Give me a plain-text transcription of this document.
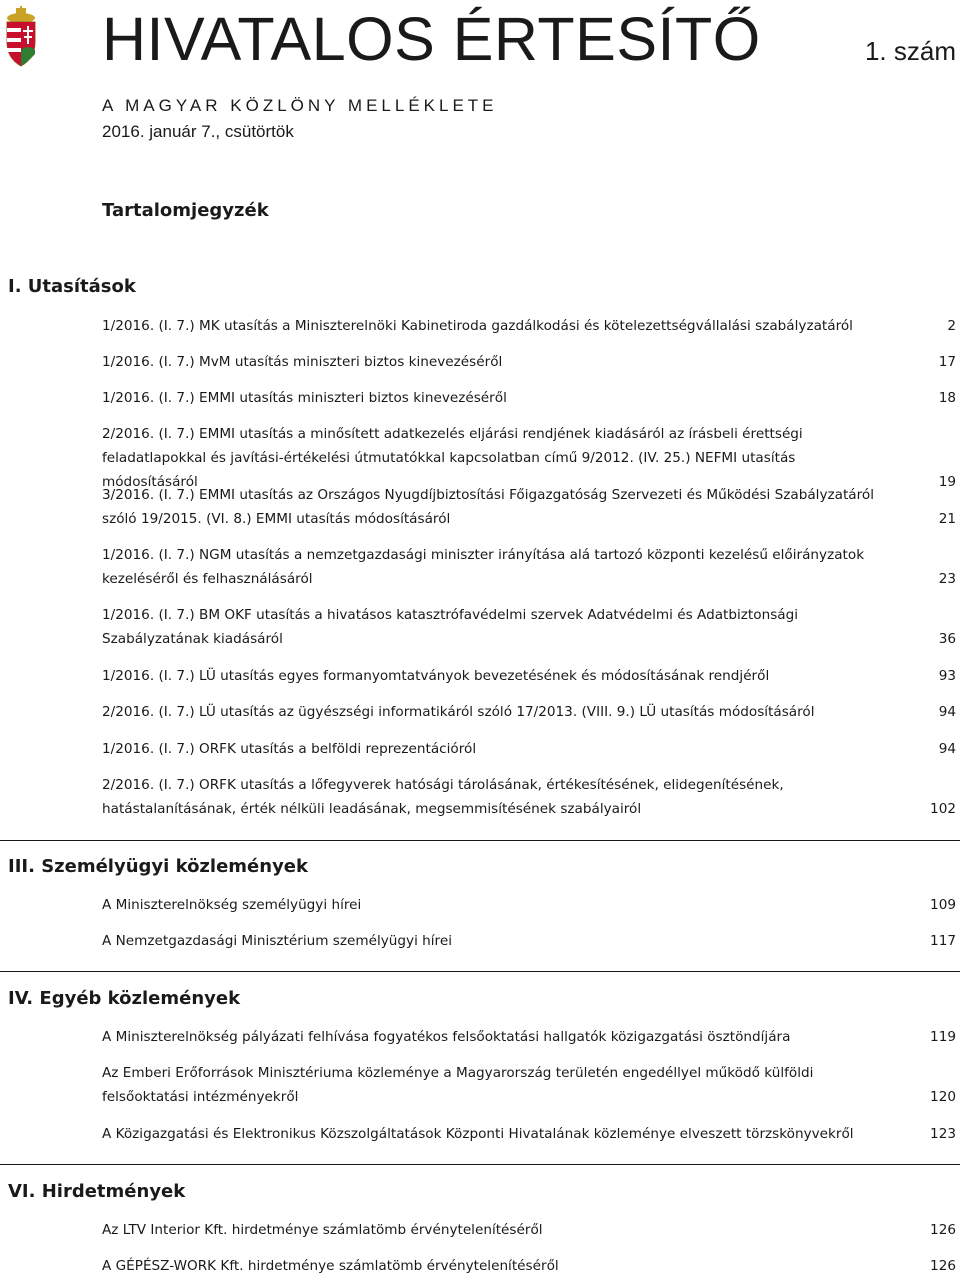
HIVATALOS ÉRTESÍTŐ	1. szám
A MAGYAR KÖZLÖNY MELLÉKLETE
2016. január 7., csütörtök
Tartalomjegyzék
I. Utasítások
1/2016. (I. 7.) MK utasítás a Miniszterelnöki Kabinetiroda gazdálkodási és kötelezettségvállalási szabályzatáról	2
1/2016. (I. 7.) MvM utasítás miniszteri biztos kinevezéséről	17
1/2016. (I. 7.) EMMI utasítás miniszteri biztos kinevezéséről	18
2/2016. (I. 7.) EMMI utasítás a minősített adatkezelés eljárási rendjének kiadásáról az írásbeli érettségi feladatlapokkal és javítási-értékelési útmutatókkal kapcsolatban című 9/2012. (IV. 25.) NEFMI utasítás módosításáról	19
3/2016. (I. 7.) EMMI utasítás az Országos Nyugdíjbiztosítási Főigazgatóság Szervezeti és Működési Szabályzatáról szóló 19/2015. (VI. 8.) EMMI utasítás módosításáról	21
1/2016. (I. 7.) NGM utasítás a nemzetgazdasági miniszter irányítása alá tartozó központi kezelésű előirányzatok kezeléséről és felhasználásáról	23
1/2016. (I. 7.) BM OKF utasítás a hivatásos katasztrófavédelmi szervek Adatvédelmi és Adatbiztonsági Szabályzatának kiadásáról	36
1/2016. (I. 7.) LÜ utasítás egyes formanyomtatványok bevezetésének és módosításának rendjéről	93
2/2016. (I. 7.) LÜ utasítás az ügyészségi informatikáról szóló 17/2013. (VIII. 9.) LÜ utasítás módosításáról	94
1/2016. (I. 7.) ORFK utasítás a belföldi reprezentációról	94
2/2016. (I. 7.) ORFK utasítás a lőfegyverek hatósági tárolásának, értékesítésének, elidegenítésének, hatástalanításának, érték nélküli leadásának, megsemmisítésének szabályairól	102
III. Személyügyi közlemények
A Miniszterelnökség személyügyi hírei	109
A Nemzetgazdasági Minisztérium személyügyi hírei	117
IV. Egyéb közlemények
A Miniszterelnökség pályázati felhívása fogyatékos felsőoktatási hallgatók közigazgatási ösztöndíjára	119
Az Emberi Erőforrások Minisztériuma közleménye a Magyarország területén engedéllyel működő külföldi felsőoktatási intézményekről	120
A Közigazgatási és Elektronikus Közszolgáltatások Központi Hivatalának közleménye elveszett törzskönyvekről	123
VI. Hirdetmények
Az LTV Interior Kft. hirdetménye számlatömb érvénytelenítéséről	126
A GÉPÉSZ-WORK Kft. hirdetménye számlatömb érvénytelenítéséről	126
